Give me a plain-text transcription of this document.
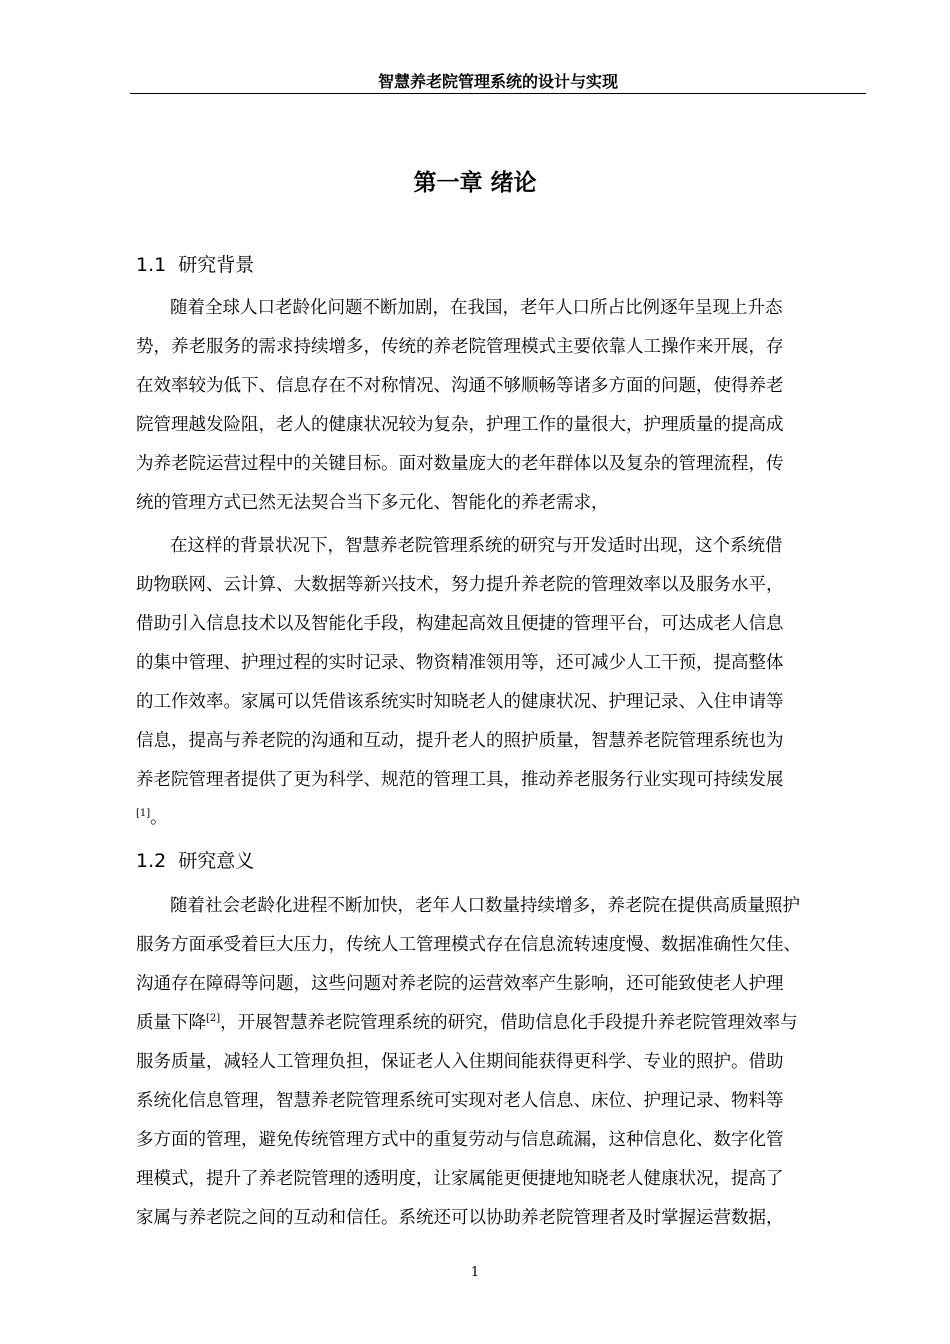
智慧养老院管理系统的设计与实现
第一章 绪论
1.1 研究背景
随着全球人口老龄化问题不断加剧，在我国，老年人口所占比例逐年呈现上升态
势，养老服务的需求持续增多，传统的养老院管理模式主要依靠人工操作来开展，存
在效率较为低下、信息存在不对称情况、沟通不够顺畅等诸多方面的问题，使得养老
院管理越发险阻，老人的健康状况较为复杂，护理工作的量很大，护理质量的提高成
为养老院运营过程中的关键目标。面对数量庞大的老年群体以及复杂的管理流程，传
统的管理方式已然无法契合当下多元化、智能化的养老需求，
在这样的背景状况下，智慧养老院管理系统的研究与开发适时出现，这个系统借
助物联网、云计算、大数据等新兴技术，努力提升养老院的管理效率以及服务水平，
借助引入信息技术以及智能化手段，构建起高效且便捷的管理平台，可达成老人信息
的集中管理、护理过程的实时记录、物资精准领用等，还可减少人工干预，提高整体
的工作效率。家属可以凭借该系统实时知晓老人的健康状况、护理记录、入住申请等
信息，提高与养老院的沟通和互动，提升老人的照护质量，智慧养老院管理系统也为
养老院管理者提供了更为科学、规范的管理工具，推动养老服务行业实现可持续发展
[1]。
1.2 研究意义
随着社会老龄化进程不断加快，老年人口数量持续增多，养老院在提供高质量照护
服务方面承受着巨大压力，传统人工管理模式存在信息流转速度慢、数据准确性欠佳、
沟通存在障碍等问题，这些问题对养老院的运营效率产生影响，还可能致使老人护理
质量下降[2]，开展智慧养老院管理系统的研究，借助信息化手段提升养老院管理效率与
服务质量，减轻人工管理负担，保证老人入住期间能获得更科学、专业的照护。借助
系统化信息管理，智慧养老院管理系统可实现对老人信息、床位、护理记录、物料等
多方面的管理，避免传统管理方式中的重复劳动与信息疏漏，这种信息化、数字化管
理模式，提升了养老院管理的透明度，让家属能更便捷地知晓老人健康状况，提高了
家属与养老院之间的互动和信任。系统还可以协助养老院管理者及时掌握运营数据，
1
